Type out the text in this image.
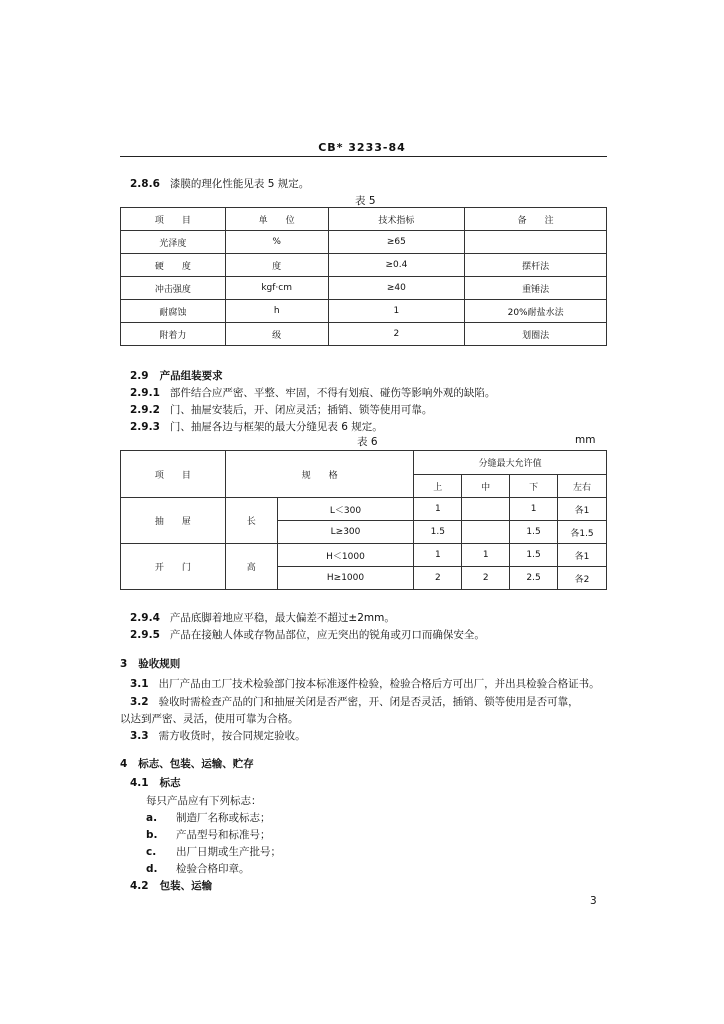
CB* 3233-84
2.8.6 漆膜的理化性能见表 5 规定。
表 5
项　　目	单　　位	技术指标	备　　注
光泽度	%	≥65	
硬　　度	度	≥0.4	摆杆法
冲击强度	kgf·cm	≥40	重锤法
耐腐蚀	h	1	20%耐盐水法
附着力	级	2	划圈法
2.9 产品组装要求
2.9.1 部件结合应严密、平整、牢固，不得有划痕、碰伤等影响外观的缺陷。
2.9.2 门、抽屉安装后，开、闭应灵活；插销、锁等使用可靠。
2.9.3 门、抽屉各边与框架的最大分缝见表 6 规定。
表 6	mm
项　　目	规　　格		分缝最大允许值			
			上	中	下	左右
抽　　屉	长	L＜300	1		1	各1
		L≥300	1.5		1.5	各1.5
开　　门	高	H＜1000	1	1	1.5	各1
		H≥1000	2	2	2.5	各2
2.9.4 产品底脚着地应平稳，最大偏差不超过±2mm。
2.9.5 产品在接触人体或存物品部位，应无突出的锐角或刃口而确保安全。
3 验收规则
3.1 出厂产品由工厂技术检验部门按本标准逐件检验，检验合格后方可出厂，并出具检验合格证书。
3.2 验收时需检查产品的门和抽屉关闭是否严密，开、闭是否灵活，插销、锁等使用是否可靠，
以达到严密、灵活，使用可靠为合格。
3.3 需方收货时，按合同规定验收。
4 标志、包装、运输、贮存
4.1 标志
每只产品应有下列标志：
a. 制造厂名称或标志；
b. 产品型号和标准号；
c. 出厂日期或生产批号；
d. 检验合格印章。
4.2 包装、运输
3
